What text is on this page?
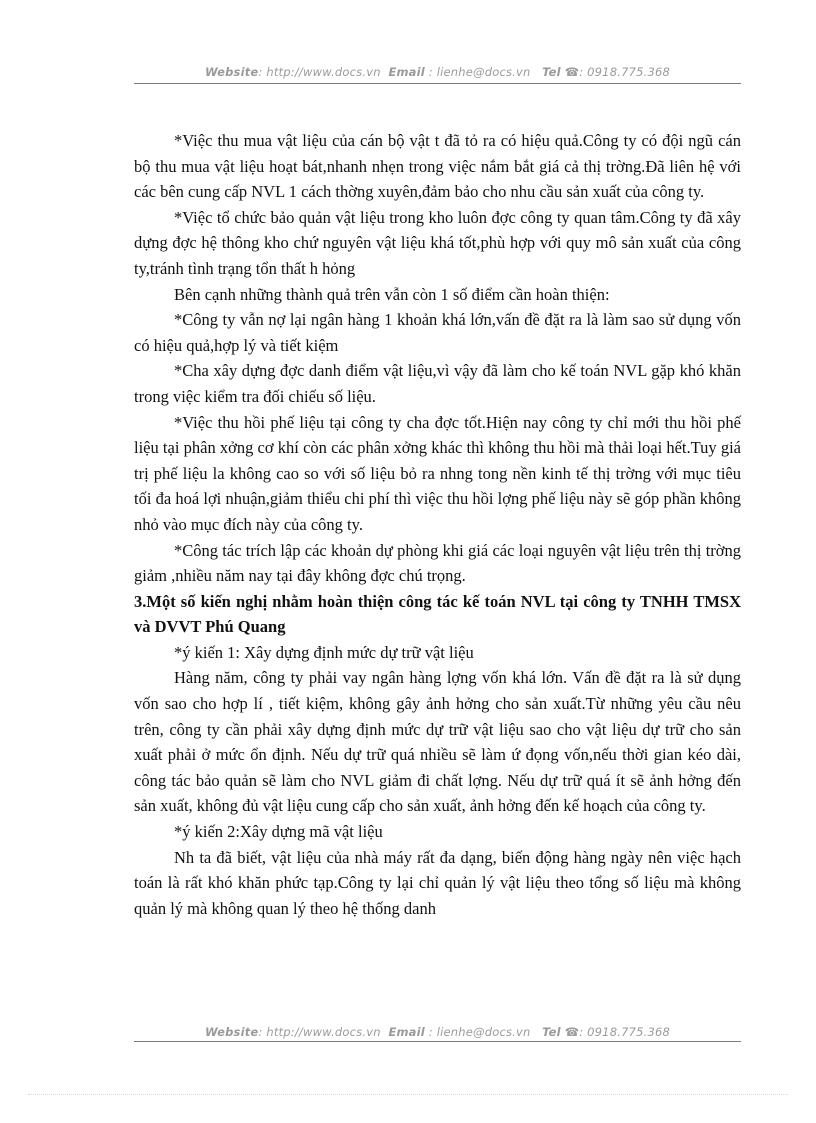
Website: http://www.docs.vn Email : lienhe@docs.vn Tel ☎: 0918.775.368

*Việc thu mua vật liệu của cán bộ vật t đã tỏ ra có hiệu quả.Công ty có đội ngũ cán bộ thu mua vật liệu hoạt bát,nhanh nhẹn trong việc nắm bắt giá cả thị trờng.Đã liên hệ với các bên cung cấp NVL 1 cách thờng xuyên,đảm bảo cho nhu cầu sản xuất của công ty.

*Việc tổ chức bảo quản vật liệu trong kho luôn đợc công ty quan tâm.Công ty đã xây dựng đợc hệ thông kho chứ nguyên vật liệu khá tốt,phù hợp với quy mô sản xuất của công ty,tránh tình trạng tổn thất h hỏng

Bên cạnh những thành quả trên vẫn còn 1 số điểm cần hoàn thiện:

*Công ty vẫn nợ lại ngân hàng 1 khoản khá lớn,vấn đề đặt ra là làm sao sử dụng vốn có hiệu quả,hợp lý và tiết kiệm

*Cha xây dựng đợc danh điểm vật liệu,vì vậy đã làm cho kế toán NVL gặp khó khăn trong việc kiểm tra đối chiếu số liệu.

*Việc thu hồi phế liệu tại công ty cha đợc tốt.Hiện nay công ty chỉ mới thu hồi phế liệu tại phân xởng cơ khí còn các phân xởng khác thì không thu hồi mà thải loại hết.Tuy giá trị phế liệu la không cao so với số liệu bỏ ra nhng tong nền kinh tế thị trờng với mục tiêu tối đa hoá lợi nhuận,giảm thiểu chi phí thì việc thu hồi lợng phế liệu này sẽ góp phần không nhỏ vào mục đích này của công ty.

*Công tác trích lập các khoản dự phòng khi giá các loại nguyên vật liệu trên thị trờng giảm ,nhiều năm nay tại đây không đợc chú trọng.

3.Một số kiến nghị nhằm hoàn thiện công tác kế toán NVL tại công ty TNHH TMSX và DVVT Phú Quang

*ý kiến 1: Xây dựng định mức dự trữ vật liệu

Hàng năm, công ty phải vay ngân hàng lợng vốn khá lớn. Vấn đề đặt ra là sử dụng vốn sao cho hợp lí , tiết kiệm, không gây ảnh hởng cho sản xuất.Từ những yêu cầu nêu trên, công ty cần phải xây dựng định mức dự trữ vật liệu sao cho vật liệu dự trữ cho sản xuất phải ở mức ổn định. Nếu dự trữ quá nhiều sẽ làm ứ đọng vốn,nếu thời gian kéo dài, công tác bảo quản sẽ làm cho NVL giảm đi chất lợng. Nếu dự trữ quá ít sẽ ảnh hởng đến sản xuất, không đủ vật liệu cung cấp cho sản xuất, ảnh hởng đến kế hoạch của công ty.

*ý kiến 2:Xây dựng mã vật liệu

Nh ta đã biết, vật liệu của nhà máy rất đa dạng, biến động hàng ngày nên việc hạch toán là rất khó khăn phức tạp.Công ty lại chỉ quản lý vật liệu theo tổng số liệu mà không quản lý mà không quan lý theo hệ thống danh

Website: http://www.docs.vn Email : lienhe@docs.vn Tel ☎: 0918.775.368
